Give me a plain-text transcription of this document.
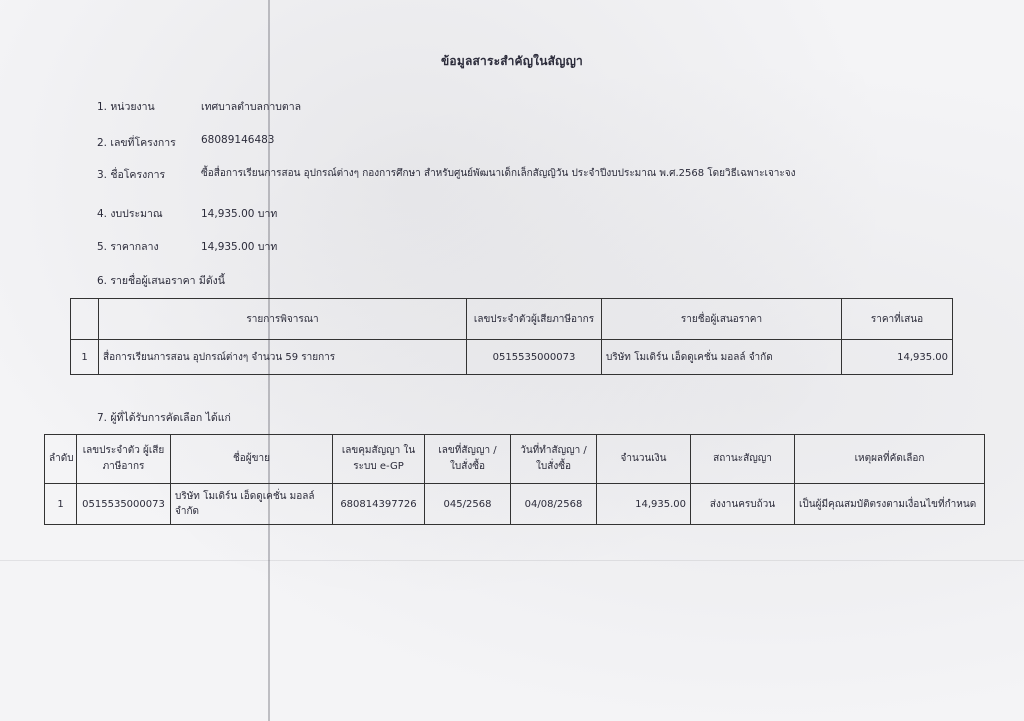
ข้อมูลสาระสำคัญในสัญญา
1. หน่วยงาน	เทศบาลตำบลกาบตาล
2. เลขที่โครงการ 68089146483
3. ชื่อโครงการ	ซื้อสื่อการเรียนการสอน อุปกรณ์ต่างๆ กองการศึกษา สำหรับศูนย์พัฒนาเด็กเล็กสัญญิวัน ประจำปีงบประมาณ พ.ศ.2568 โดยวิธีเฉพาะเจาะจง
4. งบประมาณ	14,935.00 บาท
5. ราคากลาง	14,935.00 บาท
6. รายชื่อผู้เสนอราคา มีดังนี้
	รายการพิจารณา	เลขประจำตัวผู้เสียภาษีอากร	รายชื่อผู้เสนอราคา	ราคาที่เสนอ
1	สื่อการเรียนการสอน อุปกรณ์ต่างๆ จำนวน 59 รายการ	0515535000073	บริษัท โมเดิร์น เอ็ดดูเคชั่น มอลล์ จำกัด	14,935.00
7. ผู้ที่ได้รับการคัดเลือก ได้แก่
ลำดับ	เลขประจำตัว ผู้เสียภาษีอากร	ชื่อผู้ขาย	เลขคุมสัญญา ในระบบ e-GP	เลขที่สัญญา / ใบสั่งซื้อ	วันที่ทำสัญญา / ใบสั่งซื้อ	จำนวนเงิน	สถานะสัญญา	เหตุผลที่คัดเลือก
1	0515535000073	บริษัท โมเดิร์น เอ็ดดูเคชั่น มอลล์ จำกัด	680814397726	045/2568	04/08/2568	14,935.00	ส่งงานครบถ้วน	เป็นผู้มีคุณสมบัติตรงตามเงื่อนไขที่กำหนด
